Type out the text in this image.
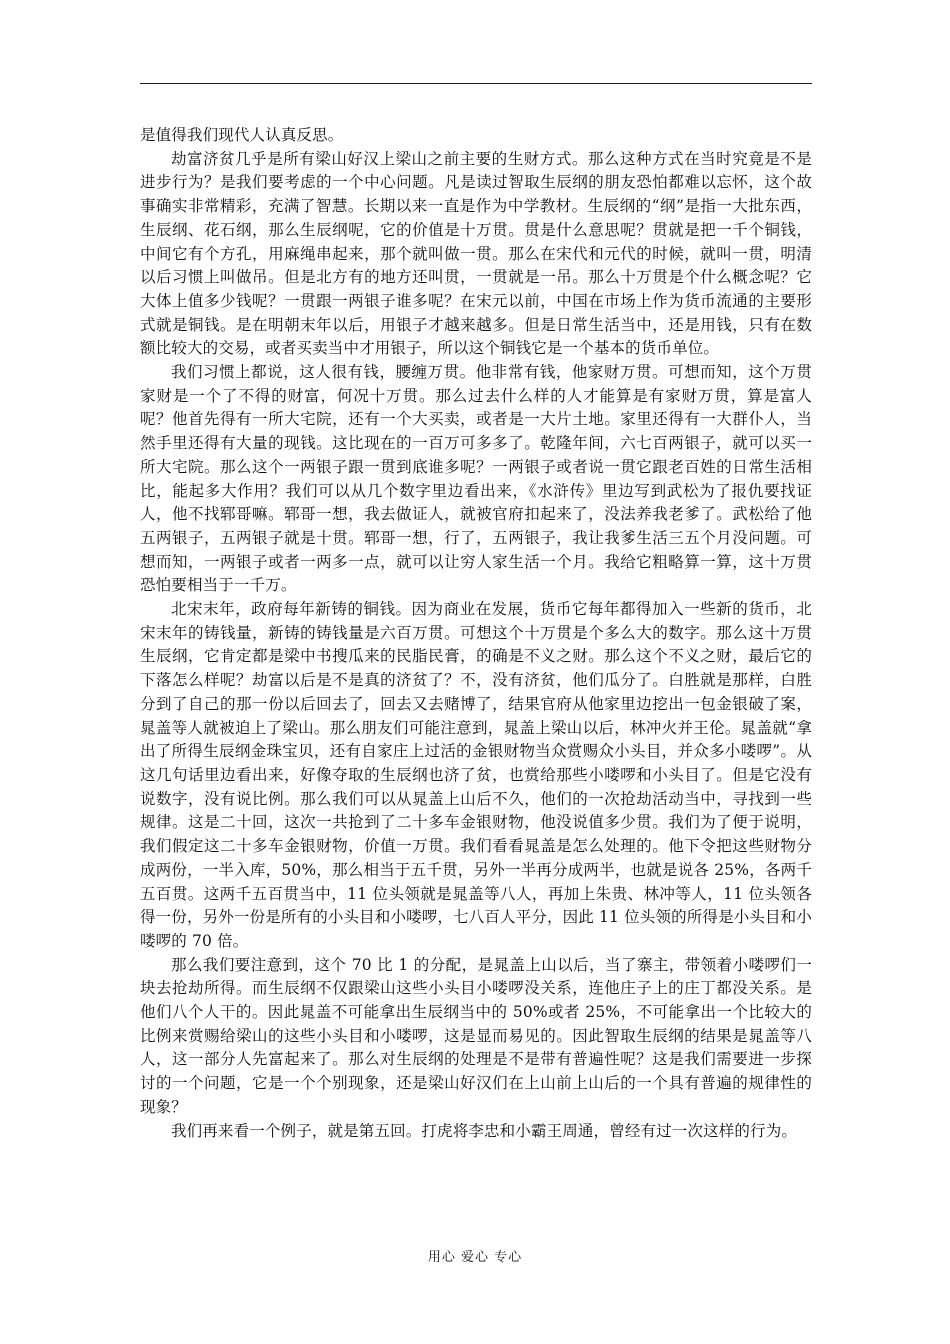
是值得我们现代人认真反思。

劫富济贫几乎是所有梁山好汉上梁山之前主要的生财方式。那么这种方式在当时究竟是不是进步行为？是我们要考虑的一个中心问题。凡是读过智取生辰纲的朋友恐怕都难以忘怀，这个故事确实非常精彩，充满了智慧。长期以来一直是作为中学教材。生辰纲的“纲”是指一大批东西，生辰纲、花石纲，那么生辰纲呢，它的价值是十万贯。贯是什么意思呢？贯就是把一千个铜钱，中间它有个方孔，用麻绳串起来，那个就叫做一贯。那么在宋代和元代的时候，就叫一贯，明清以后习惯上叫做吊。但是北方有的地方还叫贯，一贯就是一吊。那么十万贯是个什么概念呢？它大体上值多少钱呢？一贯跟一两银子谁多呢？在宋元以前，中国在市场上作为货币流通的主要形式就是铜钱。是在明朝末年以后，用银子才越来越多。但是日常生活当中，还是用钱，只有在数额比较大的交易，或者买卖当中才用银子，所以这个铜钱它是一个基本的货币单位。

我们习惯上都说，这人很有钱，腰缠万贯。他非常有钱，他家财万贯。可想而知，这个万贯家财是一个了不得的财富，何况十万贯。那么过去什么样的人才能算是有家财万贯，算是富人呢？他首先得有一所大宅院，还有一个大买卖，或者是一大片土地。家里还得有一大群仆人，当然手里还得有大量的现钱。这比现在的一百万可多多了。乾隆年间，六七百两银子，就可以买一所大宅院。那么这个一两银子跟一贯到底谁多呢？一两银子或者说一贯它跟老百姓的日常生活相比，能起多大作用？我们可以从几个数字里边看出来，《水浒传》里边写到武松为了报仇要找证人，他不找郓哥嘛。郓哥一想，我去做证人，就被官府扣起来了，没法养我老爹了。武松给了他五两银子，五两银子就是十贯。郓哥一想，行了，五两银子，我让我爹生活三五个月没问题。可想而知，一两银子或者一两多一点，就可以让穷人家生活一个月。我给它粗略算一算，这十万贯恐怕要相当于一千万。

北宋末年，政府每年新铸的铜钱。因为商业在发展，货币它每年都得加入一些新的货币，北宋末年的铸钱量，新铸的铸钱量是六百万贯。可想这个十万贯是个多么大的数字。那么这十万贯生辰纲，它肯定都是梁中书搜瓜来的民脂民膏，的确是不义之财。那么这个不义之财，最后它的下落怎么样呢？劫富以后是不是真的济贫了？不，没有济贫，他们瓜分了。白胜就是那样，白胜分到了自己的那一份以后回去了，回去又去赌博了，结果官府从他家里边挖出一包金银破了案，晁盖等人就被迫上了梁山。那么朋友们可能注意到，晁盖上梁山以后，林冲火并王伦。晁盖就“拿出了所得生辰纲金珠宝贝，还有自家庄上过活的金银财物当众赏赐众小头目，并众多小喽啰”。从这几句话里边看出来，好像夺取的生辰纲也济了贫，也赏给那些小喽啰和小头目了。但是它没有说数字，没有说比例。那么我们可以从晁盖上山后不久，他们的一次抢劫活动当中，寻找到一些规律。这是二十回，这次一共抢到了二十多车金银财物，他没说值多少贯。我们为了便于说明，我们假定这二十多车金银财物，价值一万贯。我们看看晁盖是怎么处理的。他下令把这些财物分成两份，一半入库，50%，那么相当于五千贯，另外一半再分成两半，也就是说各 25%，各两千五百贯。这两千五百贯当中，11 位头领就是晁盖等八人，再加上朱贵、林冲等人，11 位头领各得一份，另外一份是所有的小头目和小喽啰，七八百人平分，因此 11 位头领的所得是小头目和小喽啰的 70 倍。

那么我们要注意到，这个 70 比 1 的分配，是晁盖上山以后，当了寨主，带领着小喽啰们一块去抢劫所得。而生辰纲不仅跟梁山这些小头目小喽啰没关系，连他庄子上的庄丁都没关系。是他们八个人干的。因此晁盖不可能拿出生辰纲当中的 50%或者 25%，不可能拿出一个比较大的比例来赏赐给梁山的这些小头目和小喽啰，这是显而易见的。因此智取生辰纲的结果是晁盖等八人，这一部分人先富起来了。那么对生辰纲的处理是不是带有普遍性呢？这是我们需要进一步探讨的一个问题，它是一个个别现象，还是梁山好汉们在上山前上山后的一个具有普遍的规律性的现象？

我们再来看一个例子，就是第五回。打虎将李忠和小霸王周通，曾经有过一次这样的行为。

用心 爱心 专心
